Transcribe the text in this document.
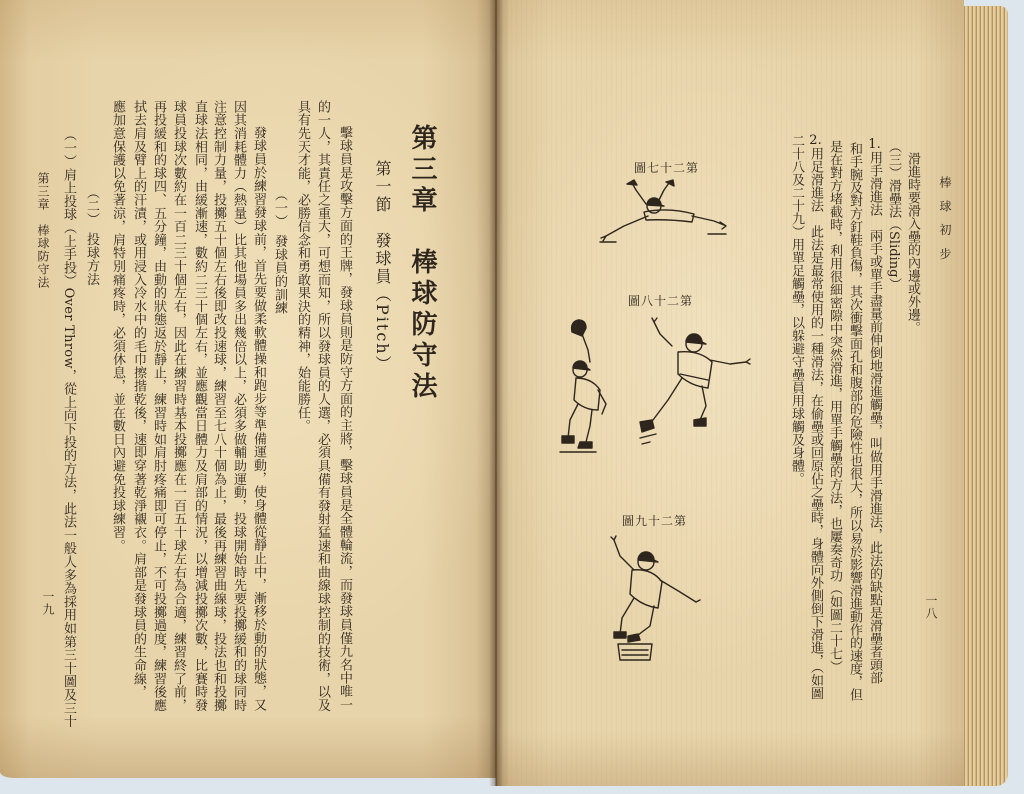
第三章　棒球防守法
第一節　發球員（Pitch）
擊球員是攻擊方面的王牌，發球員則是防守方面的主將，擊球員是全體輪流，而發球員僅九名中唯一
的一人，其責任之重大，可想而知，所以發球員的人選，必須具備有發射猛速和曲線球控制的技術，以及
具有先天才能，必勝信念和勇敢果決的精神，始能勝任。
（一）　發球員的訓練
發球員於練習發球前，首先要做柔軟體操和跑步等準備運動，使身體從靜止中，漸移於動的狀態，又
因其消耗體力（熱量）比其他場員多出幾倍以上，必須多做輔助運動，投球開始時先要投擲緩和的球同時
注意控制力量，投擲五十個左右後即改投速球，練習至七八十個為止，最後再練習曲線球，投法也和投擲
直球法相同，由緩漸速，數約二三十個左右，並應觀當日體力及肩部的情況，以增減投擲次數，比賽時發
球員投球次數約在一百二三十個左右，因此在練習時基本投擲應在一百五十球左右為合適，練習終了前，
再投緩和的球四、五分鐘，由動的狀態返於靜止，練習時如肩肘疼痛即可停止，不可投擲過度，練習後應
拭去肩及臂上的汗漬，或用浸入冷水中的毛巾擦揩乾後，速即穿著乾淨襯衣。肩部是發球員的生命線，
應加意保護以免著涼，肩特別痛疼時，必須休息，並在數日內避免投球練習。
（二）　投球方法
（一）肩上投球（上手投）Over Throw，從上向下投的方法，此法一般人多為採用如第三十圖及三十
第三章　棒球防守法
一九
棒 球 初 步
一八
滑進時要滑入壘的內邊或外邊。
（三）滑壘法（Sliding）
1.用手滑進法　兩手或單手盡量前伸倒地滑進觸壘，叫做用手滑進法，此法的缺點是滑壘者頭部
和手腕及對方釘鞋負傷，其次衝擊面孔和腹部的危險性也很大，所以易於影響滑進動作的速度，但
是在對方堵截時，利用很細密隙中突然滑進，用單手觸壘的方法，也屢奏奇功（如圖二十七）
2.用足滑進法　此法是最常使用的一種滑法，在偷壘或回原佔之壘時，身體向外側倒下滑進，（如圖
二十八及二十九）用單足觸壘，以躲避守壘員用球觸及身體。
圖七十二第
圖八十二第
圖九十二第
